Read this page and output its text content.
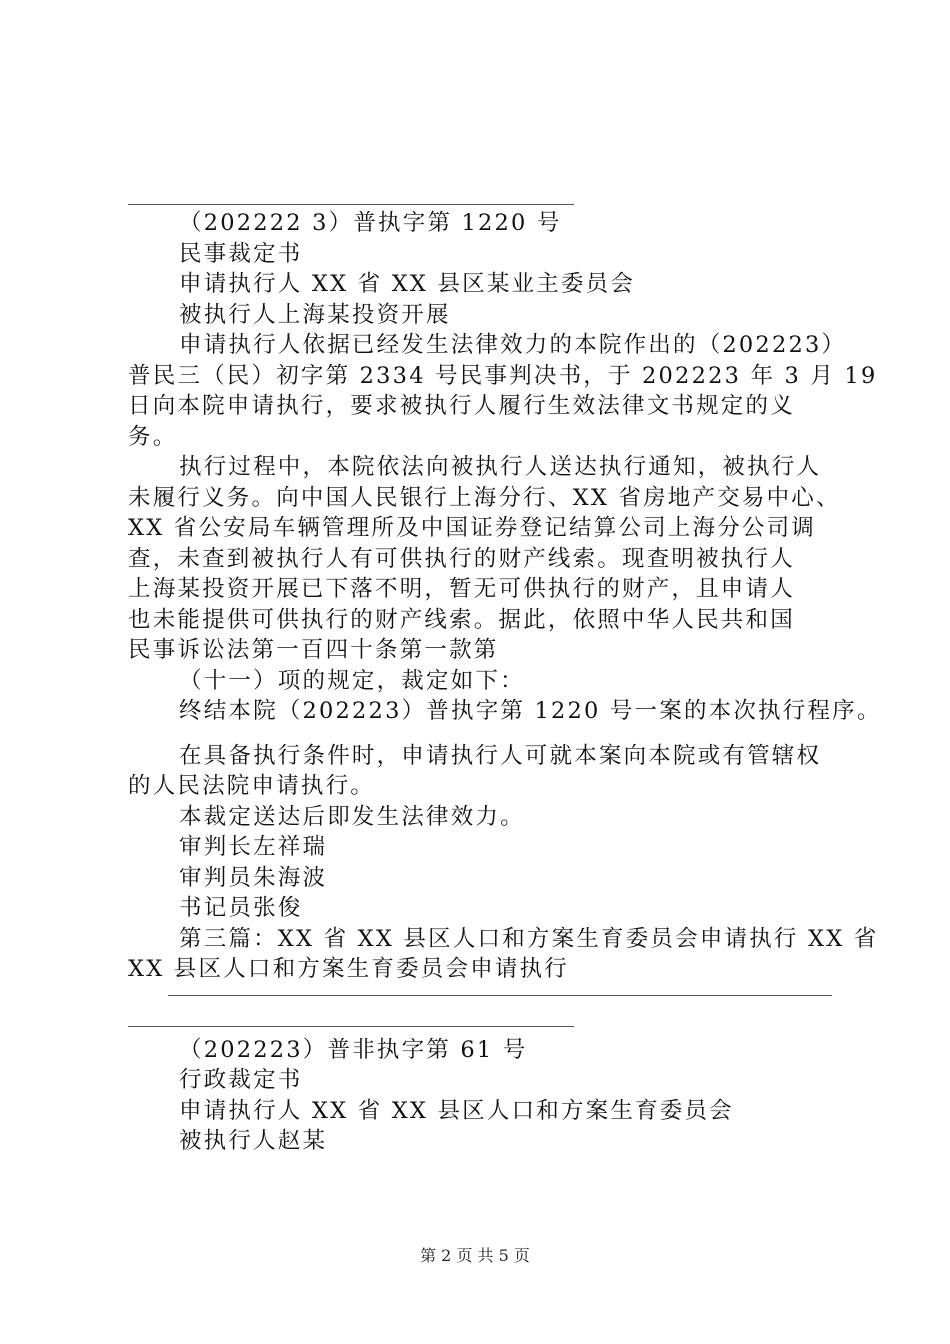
第 2 页 共 5 页
（202222 3）普执字第 1220 号
民事裁定书
申请执行人 XX 省 XX 县区某业主委员会
被执行人上海某投资开展
申请执行人依据已经发生法律效力的本院作出的（202223）
普民三（民）初字第 2334 号民事判决书，于 202223 年 3 月 19
日向本院申请执行，要求被执行人履行生效法律文书规定的义
务。
执行过程中，本院依法向被执行人送达执行通知，被执行人
未履行义务。向中国人民银行上海分行、XX 省房地产交易中心、
XX 省公安局车辆管理所及中国证券登记结算公司上海分公司调
查，未查到被执行人有可供执行的财产线索。现查明被执行人
上海某投资开展已下落不明，暂无可供执行的财产，且申请人
也未能提供可供执行的财产线索。据此，依照中华人民共和国
民事诉讼法第一百四十条第一款第
（十一）项的规定，裁定如下：
终结本院（202223）普执字第 1220 号一案的本次执行程序。
在具备执行条件时，申请执行人可就本案向本院或有管辖权
的人民法院申请执行。
本裁定送达后即发生法律效力。
审判长左祥瑞
审判员朱海波
书记员张俊
第三篇：XX 省 XX 县区人口和方案生育委员会申请执行 XX 省
XX 县区人口和方案生育委员会申请执行
（202223）普非执字第 61 号
行政裁定书
申请执行人 XX 省 XX 县区人口和方案生育委员会
被执行人赵某
